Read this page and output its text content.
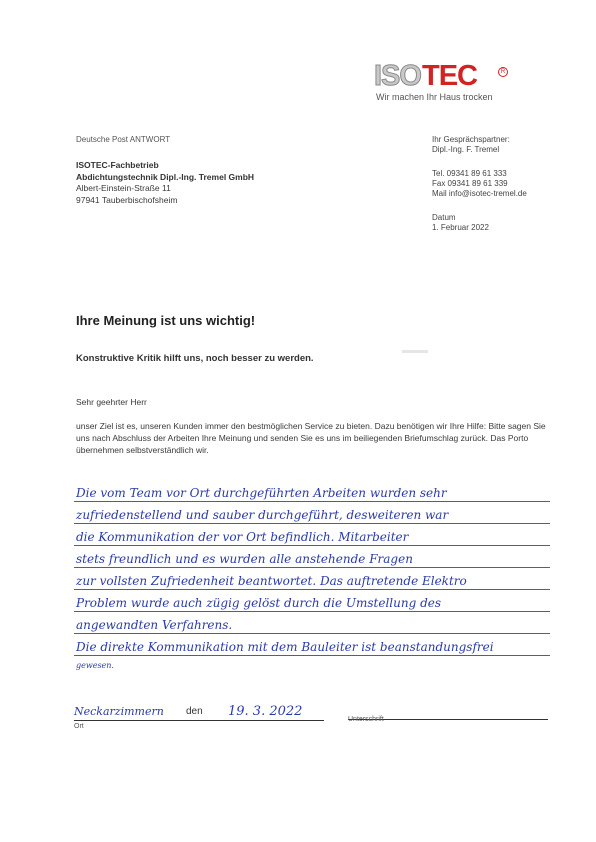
ISO TEC	R
Wir machen Ihr Haus trocken
Deutsche Post ANTWORT
ISOTEC-Fachbetrieb
Abdichtungstechnik Dipl.-Ing. Tremel GmbH
Albert-Einstein-Straße 11
97941 Tauberbischofsheim
Ihr Gesprächspartner:
Dipl.-Ing. F. Tremel
Tel. 09341 89 61 333
Fax 09341 89 61 339
Mail info@isotec-tremel.de
Datum
1. Februar 2022
Ihre Meinung ist uns wichtig!
Konstruktive Kritik hilft uns, noch besser zu werden.
Sehr geehrter Herr
unser Ziel ist es, unseren Kunden immer den bestmöglichen Service zu bieten. Dazu benötigen wir Ihre Hilfe: Bitte sagen Sie uns nach Abschluss der Arbeiten Ihre Meinung und senden Sie es uns im beiliegenden Briefumschlag zurück. Das Porto übernehmen selbstverständlich wir.
Die vom Team vor Ort durchgeführten Arbeiten wurden sehr
zufriedenstellend und sauber durchgeführt, desweiteren war
die Kommunikation der vor Ort befindlich. Mitarbeiter
stets freundlich und es wurden alle anstehende Fragen
zur vollsten Zufriedenheit beantwortet. Das auftretende Elektro
Problem wurde auch zügig gelöst durch die Umstellung des
angewandten Verfahrens.
Die direkte Kommunikation mit dem Bauleiter ist beanstandungsfrei
gewesen.
Neckarzimmern den 19. 3. 2022
Ort
Unterschrift
